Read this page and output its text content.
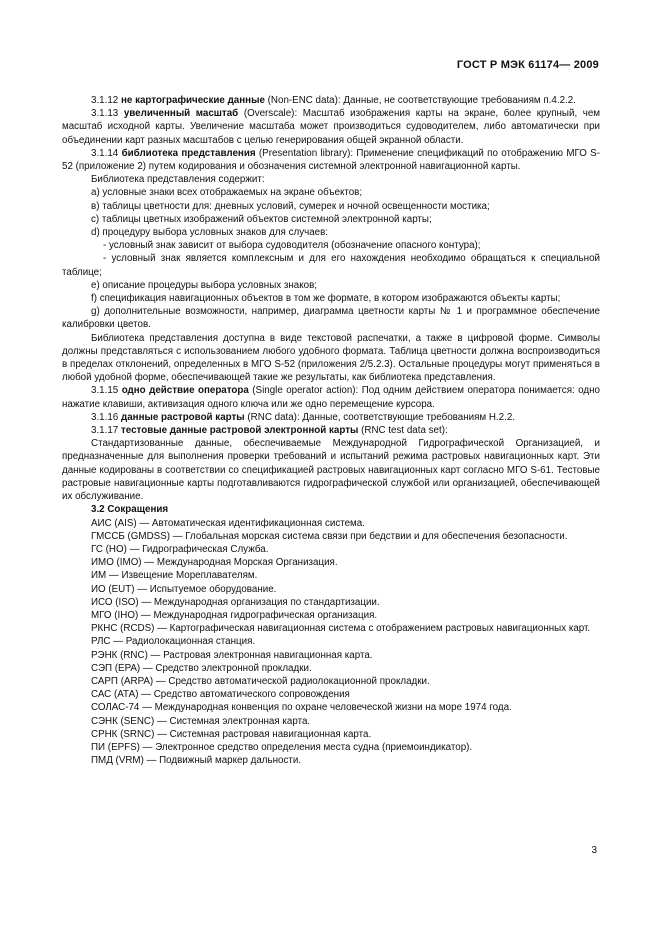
ГОСТ Р МЭК 61174— 2009

3.1.12 не картографические данные (Non-ENC data): Данные, не соответствующие требованиям п.4.2.2.

3.1.13 увеличенный масштаб (Overscale): Масштаб изображения карты на экране, более крупный, чем масштаб исходной карты. Увеличение масштаба может производиться судоводителем, либо автоматически при объединении карт разных масштабов с целью генерирования общей экранной области.

3.1.14 библиотека представления (Presentation library): Применение спецификаций по отображению МГО S-52 (приложение 2) путем кодирования и обозначения системной электронной навигационной карты.

Библиотека представления содержит:

a) условные знаки всех отображаемых на экране объектов;
в) таблицы цветности для: дневных условий, сумерек и ночной освещенности мостика;
c) таблицы цветных изображений объектов системной электронной карты;
d) процедуру выбора условных знаков для случаев:

- условный знак зависит от выбора судоводителя (обозначение опасного контура);

- условный знак является комплексным и для его нахождения необходимо обращаться к специальной таблице;

е) описание процедуры выбора условных знаков;
f) спецификация навигационных объектов в том же формате, в котором изображаются объекты карты;

g) дополнительные возможности, например, диаграмма цветности карты № 1 и программное обеспечение калибровки цветов.

Библиотека представления доступна в виде текстовой распечатки, а также в цифровой форме. Символы должны представляться с использованием любого удобного формата. Таблица цветности должна воспроизводиться в пределах отклонений, определенных в МГО S-52 (приложения 2/5.2.3). Остальные процедуры могут применяться в любой удобной форме, обеспечивающей такие же результаты, как библиотека представления.

3.1.15 одно действие оператора (Single operator action): Под одним действием оператора понимается: одно нажатие клавиши, активизация одного ключа или же одно перемещение курсора.

3.1.16 данные растровой карты (RNC data): Данные, соответствующие требованиям Н.2.2.

3.1.17 тестовые данные растровой электронной карты (RNC test data set):

Стандартизованные данные, обеспечиваемые Международной Гидрографической Организацией, и предназначенные для выполнения проверки требований и испытаний режима растровых навигационных карт. Эти данные кодированы в соответствии со спецификацией растровых навигационных карт согласно МГО S-61. Тестовые растровые навигационные карты подготавливаются гидрографической службой или организацией, обеспечивающей их обслуживание.

3.2 Сокращения

АИС (AIS) — Автоматическая идентификационная система.

ГМССБ (GMDSS) — Глобальная морская система связи при бедствии и для обеспечения безопасности.

ГС (НО) — Гидрографическая Служба.

ИМО (IMO) — Международная Морская Организация.

ИМ — Извещение Мореплавателям.

ИО (EUT) — Испытуемое оборудование.

ИСО (ISO) — Международная организация по стандартизации.

МГО (IHO) — Международная гидрографическая организация.

РКНС (RCDS) — Картографическая навигационная система с отображением растровых навигационных карт.

РЛС — Радиолокационная станция.

РЭНК (RNC) — Растровая электронная навигационная карта.

СЭП (EPA) — Средство электронной прокладки.

САРП (ARPA) — Средство автоматической радиолокационной прокладки.

САС (АТА) — Средство автоматического сопровождения

СОЛАС-74 — Международная конвенция по охране человеческой жизни на море 1974 года.

СЭНК (SENC) — Системная электронная карта.

СРНК (SRNC) — Системная растровая навигационная карта.

ПИ (EPFS) — Электронное средство определения места судна (приемоиндикатор).

ПМД (VRM) — Подвижный маркер дальности.

3
